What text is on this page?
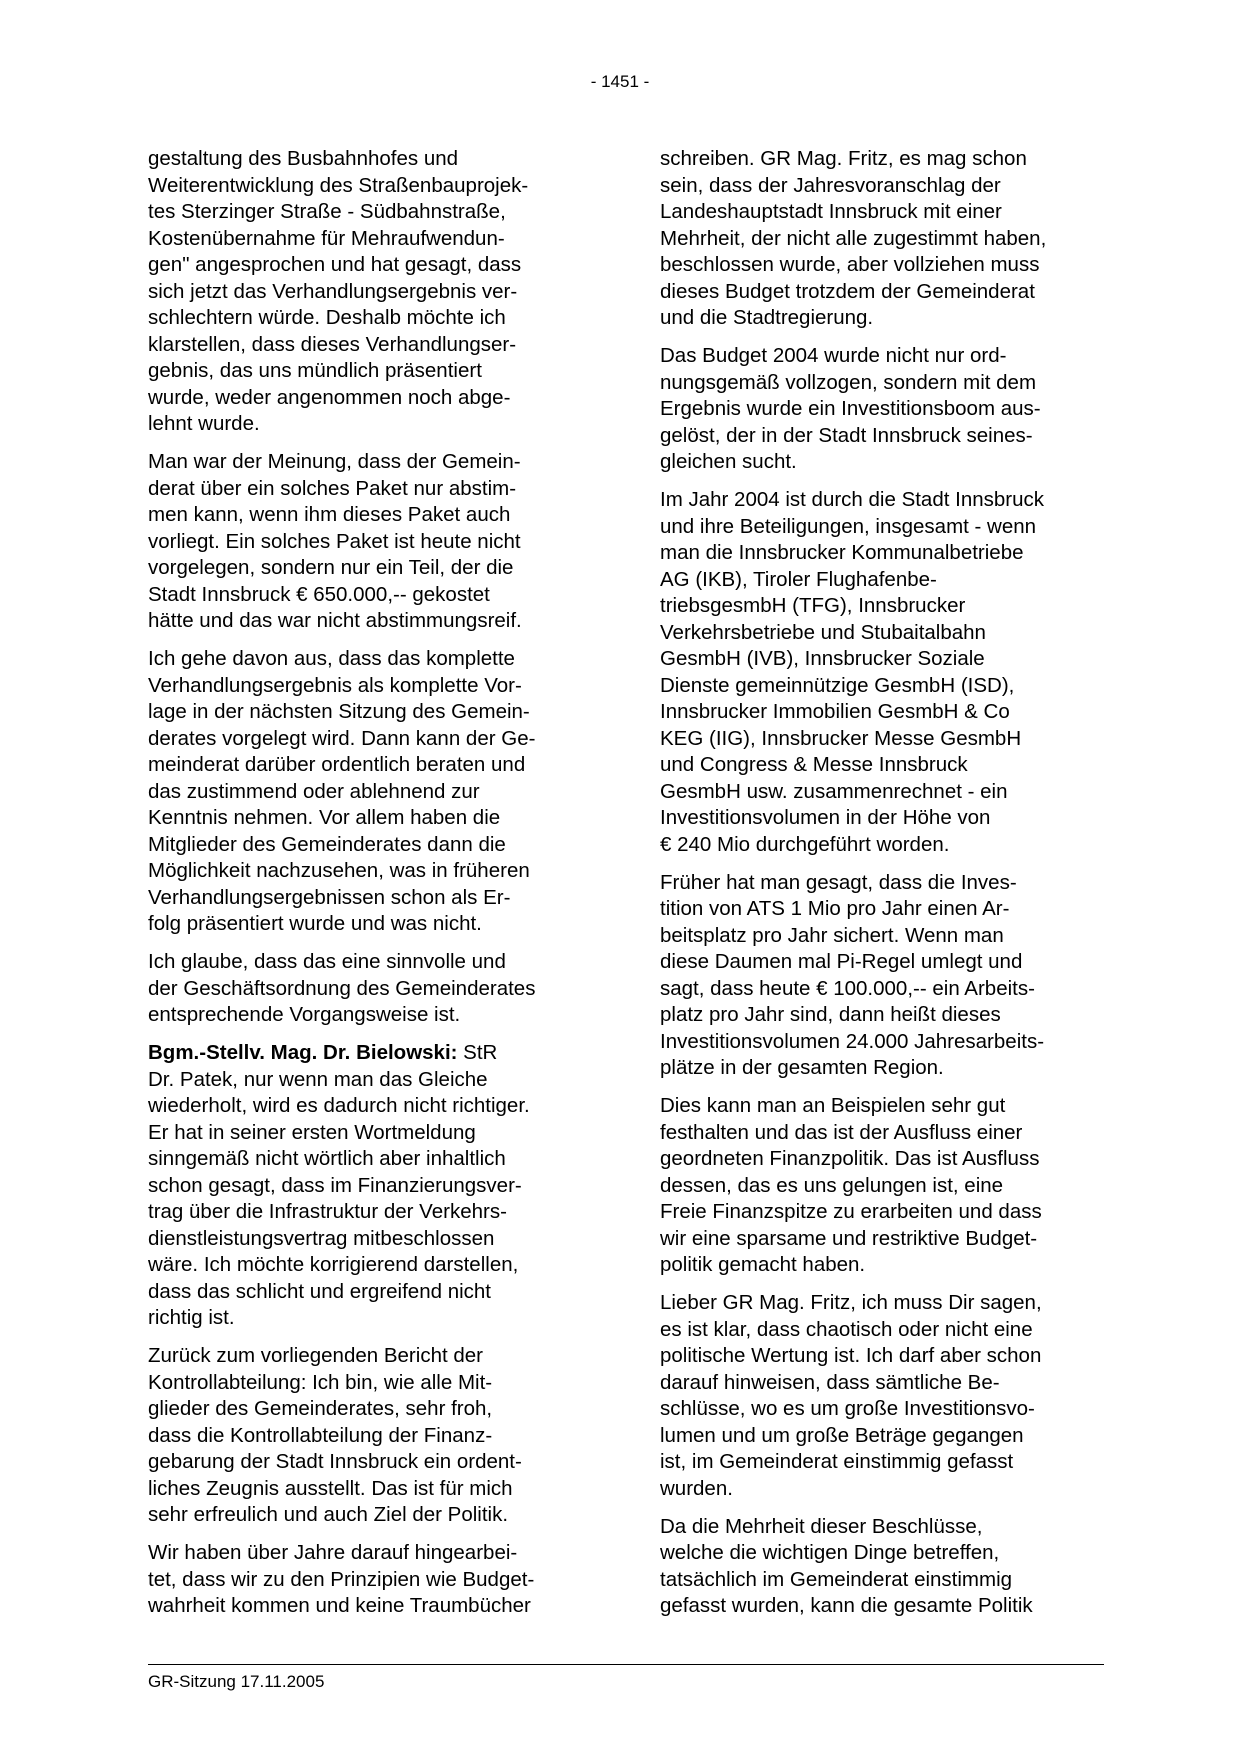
- 1451 -

gestaltung des Busbahnhofes und
Weiterentwicklung des Straßenbauprojek-
tes Sterzinger Straße - Südbahnstraße,
Kostenübernahme für Mehraufwendun-
gen" angesprochen und hat gesagt, dass
sich jetzt das Verhandlungsergebnis ver-
schlechtern würde. Deshalb möchte ich
klarstellen, dass dieses Verhandlungser-
gebnis, das uns mündlich präsentiert
wurde, weder angenommen noch abge-
lehnt wurde.

Man war der Meinung, dass der Gemein-
derat über ein solches Paket nur abstim-
men kann, wenn ihm dieses Paket auch
vorliegt. Ein solches Paket ist heute nicht
vorgelegen, sondern nur ein Teil, der die
Stadt Innsbruck € 650.000,-- gekostet
hätte und das war nicht abstimmungsreif.

Ich gehe davon aus, dass das komplette
Verhandlungsergebnis als komplette Vor-
lage in der nächsten Sitzung des Gemein-
derates vorgelegt wird. Dann kann der Ge-
meinderat darüber ordentlich beraten und
das zustimmend oder ablehnend zur
Kenntnis nehmen. Vor allem haben die
Mitglieder des Gemeinderates dann die
Möglichkeit nachzusehen, was in früheren
Verhandlungsergebnissen schon als Er-
folg präsentiert wurde und was nicht.

Ich glaube, dass das eine sinnvolle und
der Geschäftsordnung des Gemeinderates
entsprechende Vorgangsweise ist.

Bgm.-Stellv. Mag. Dr. Bielowski: StR
Dr. Patek, nur wenn man das Gleiche
wiederholt, wird es dadurch nicht richtiger.
Er hat in seiner ersten Wortmeldung
sinngemäß nicht wörtlich aber inhaltlich
schon gesagt, dass im Finanzierungsver-
trag über die Infrastruktur der Verkehrs-
dienstleistungsvertrag mitbeschlossen
wäre. Ich möchte korrigierend darstellen,
dass das schlicht und ergreifend nicht
richtig ist.

Zurück zum vorliegenden Bericht der
Kontrollabteilung: Ich bin, wie alle Mit-
glieder des Gemeinderates, sehr froh,
dass die Kontrollabteilung der Finanz-
gebarung der Stadt Innsbruck ein ordent-
liches Zeugnis ausstellt. Das ist für mich
sehr erfreulich und auch Ziel der Politik.

Wir haben über Jahre darauf hingearbei-
tet, dass wir zu den Prinzipien wie Budget-
wahrheit kommen und keine Traumbücher

schreiben. GR Mag. Fritz, es mag schon
sein, dass der Jahresvoranschlag der
Landeshauptstadt Innsbruck mit einer
Mehrheit, der nicht alle zugestimmt haben,
beschlossen wurde, aber vollziehen muss
dieses Budget trotzdem der Gemeinderat
und die Stadtregierung.

Das Budget 2004 wurde nicht nur ord-
nungsgemäß vollzogen, sondern mit dem
Ergebnis wurde ein Investitionsboom aus-
gelöst, der in der Stadt Innsbruck seines-
gleichen sucht.

Im Jahr 2004 ist durch die Stadt Innsbruck
und ihre Beteiligungen, insgesamt - wenn
man die Innsbrucker Kommunalbetriebe
AG (IKB), Tiroler Flughafenbe-
triebsgesmbH (TFG), Innsbrucker
Verkehrsbetriebe und Stubaitalbahn
GesmbH (IVB), Innsbrucker Soziale
Dienste gemeinnützige GesmbH (ISD),
Innsbrucker Immobilien GesmbH & Co
KEG (IIG), Innsbrucker Messe GesmbH
und Congress & Messe Innsbruck
GesmbH usw. zusammenrechnet - ein
Investitionsvolumen in der Höhe von
€ 240 Mio durchgeführt worden.

Früher hat man gesagt, dass die Inves-
tition von ATS 1 Mio pro Jahr einen Ar-
beitsplatz pro Jahr sichert. Wenn man
diese Daumen mal Pi-Regel umlegt und
sagt, dass heute € 100.000,-- ein Arbeits-
platz pro Jahr sind, dann heißt dieses
Investitionsvolumen 24.000 Jahresarbeits-
plätze in der gesamten Region.

Dies kann man an Beispielen sehr gut
festhalten und das ist der Ausfluss einer
geordneten Finanzpolitik. Das ist Ausfluss
dessen, das es uns gelungen ist, eine
Freie Finanzspitze zu erarbeiten und dass
wir eine sparsame und restriktive Budget-
politik gemacht haben.

Lieber GR Mag. Fritz, ich muss Dir sagen,
es ist klar, dass chaotisch oder nicht eine
politische Wertung ist. Ich darf aber schon
darauf hinweisen, dass sämtliche Be-
schlüsse, wo es um große Investitionsvo-
lumen und um große Beträge gegangen
ist, im Gemeinderat einstimmig gefasst
wurden.

Da die Mehrheit dieser Beschlüsse,
welche die wichtigen Dinge betreffen,
tatsächlich im Gemeinderat einstimmig
gefasst wurden, kann die gesamte Politik

GR-Sitzung 17.11.2005
